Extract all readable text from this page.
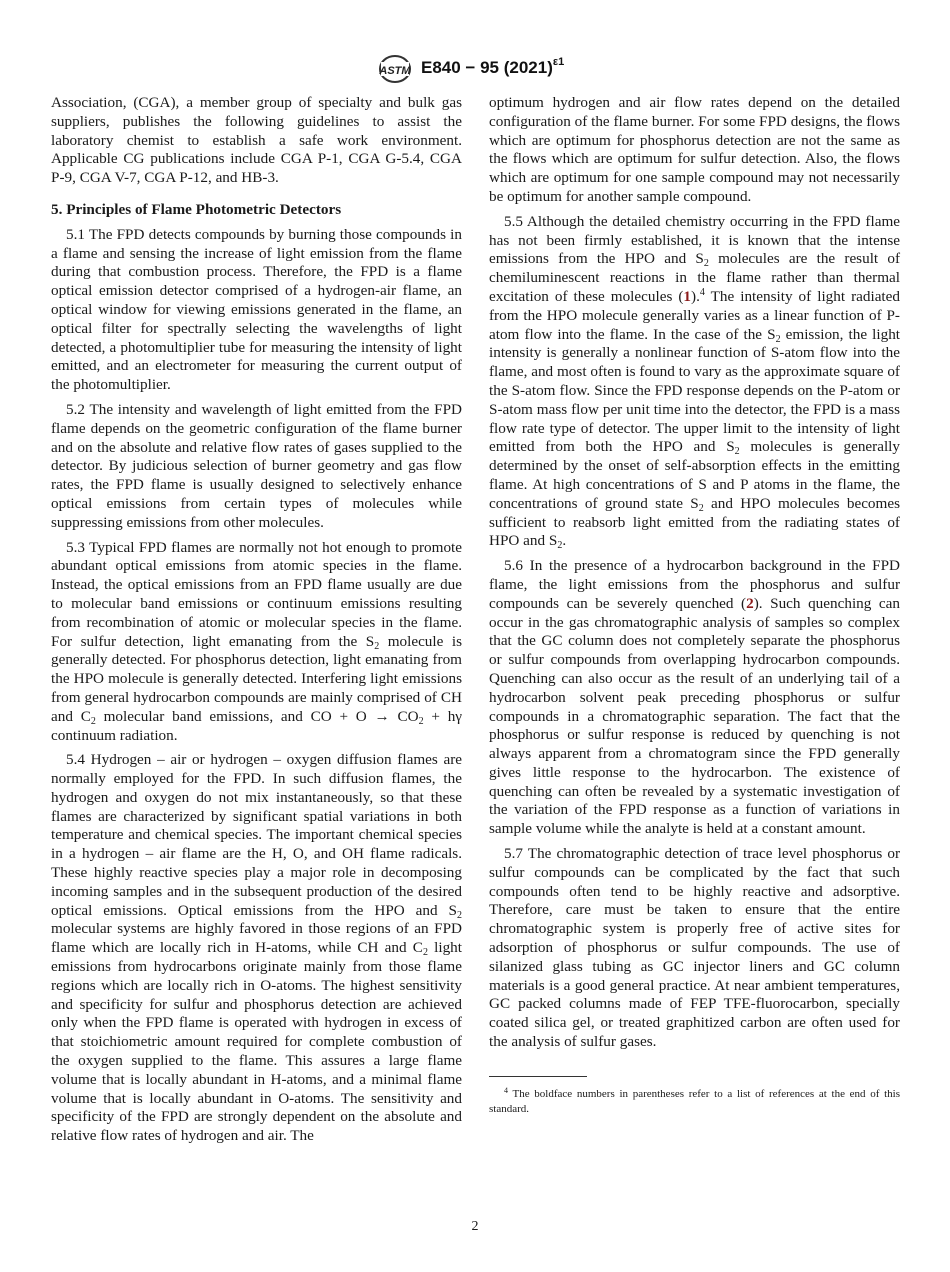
ASTM E840 − 95 $(2021)^{\varepsilon 1}$

Association, (CGA), a member group of specialty and bulk gas suppliers, publishes the following guidelines to assist the laboratory chemist to establish a safe work environment. Applicable CG publications include CGA P-1, CGA G-5.4, CGA P-9, CGA V-7, CGA P-12, and HB-3.

5. Principles of Flame Photometric Detectors

5.1 The FPD detects compounds by burning those compounds in a flame and sensing the increase of light emission from the flame during that combustion process. Therefore, the FPD is a flame optical emission detector comprised of a hydrogen-air flame, an optical window for viewing emissions generated in the flame, an optical filter for spectrally selecting the wavelengths of light detected, a photomultiplier tube for measuring the intensity of light emitted, and an electrometer for measuring the current output of the photomultiplier.

5.2 The intensity and wavelength of light emitted from the FPD flame depends on the geometric configuration of the flame burner and on the absolute and relative flow rates of gases supplied to the detector. By judicious selection of burner geometry and gas flow rates, the FPD flame is usually designed to selectively enhance optical emissions from certain types of molecules while suppressing emissions from other molecules.

5.3 Typical FPD flames are normally not hot enough to promote abundant optical emissions from atomic species in the flame. Instead, the optical emissions from an FPD flame usually are due to molecular band emissions or continuum emissions resulting from recombination of atomic or molecular species in the flame. For sulfur detection, light emanating from the $S_2$ molecule is generally detected. For phosphorus detection, light emanating from the HPO molecule is generally detected. Interfering light emissions from general hydrocarbon compounds are mainly comprised of CH and $C_2$ molecular band emissions, and CO + $O \to CO_2 + h\gamma$ continuum radiation.

5.4 Hydrogen – air or hydrogen – oxygen diffusion flames are normally employed for the FPD. In such diffusion flames, the hydrogen and oxygen do not mix instantaneously, so that these flames are characterized by significant spatial variations in both temperature and chemical species. The important chemical species in a hydrogen – air flame are the H, O, and OH flame radicals. These highly reactive species play a major role in decomposing incoming samples and in the subsequent production of the desired optical emissions. Optical emissions from the HPO and $S_2$ molecular systems are highly favored in those regions of an FPD flame which are locally rich in H-atoms, while CH and $C_2$ light emissions from hydrocarbons originate mainly from those flame regions which are locally rich in O-atoms. The highest sensitivity and specificity for sulfur and phosphorus detection are achieved only when the FPD flame is operated with hydrogen in excess of that stoichiometric amount required for complete combustion of the oxygen supplied to the flame. This assures a large flame volume that is locally abundant in H-atoms, and a minimal flame volume that is locally abundant in O-atoms. The sensitivity and specificity of the FPD are strongly dependent on the absolute and relative flow rates of hydrogen and air. The

optimum hydrogen and air flow rates depend on the detailed configuration of the flame burner. For some FPD designs, the flows which are optimum for phosphorus detection are not the same as the flows which are optimum for sulfur detection. Also, the flows which are optimum for one sample compound may not necessarily be optimum for another sample compound.

5.5 Although the detailed chemistry occurring in the FPD flame has not been firmly established, it is known that the intense emissions from the HPO and $S_2$ molecules are the result of chemiluminescent reactions in the flame rather than thermal excitation of these molecules (1).$^4$ The intensity of light radiated from the HPO molecule generally varies as a linear function of P-atom flow into the flame. In the case of the $S_2$ emission, the light intensity is generally a nonlinear function of S-atom flow into the flame, and most often is found to vary as the approximate square of the S-atom flow. Since the FPD response depends on the P-atom or S-atom mass flow per unit time into the detector, the FPD is a mass flow rate type of detector. The upper limit to the intensity of light emitted from both the HPO and $S_2$ molecules is generally determined by the onset of self-absorption effects in the emitting flame. At high concentrations of S and P atoms in the flame, the concentrations of ground state $S_2$ and HPO molecules becomes sufficient to reabsorb light emitted from the radiating states of HPO and $S_2$.

5.6 In the presence of a hydrocarbon background in the FPD flame, the light emissions from the phosphorus and sulfur compounds can be severely quenched (2). Such quenching can occur in the gas chromatographic analysis of samples so complex that the GC column does not completely separate the phosphorus or sulfur compounds from overlapping hydrocarbon compounds. Quenching can also occur as the result of an underlying tail of a hydrocarbon solvent peak preceding phosphorus or sulfur compounds in a chromatographic separation. The fact that the phosphorus or sulfur response is reduced by quenching is not always apparent from a chromatogram since the FPD generally gives little response to the hydrocarbon. The existence of quenching can often be revealed by a systematic investigation of the variation of the FPD response as a function of variations in sample volume while the analyte is held at a constant amount.

5.7 The chromatographic detection of trace level phosphorus or sulfur compounds can be complicated by the fact that such compounds often tend to be highly reactive and adsorptive. Therefore, care must be taken to ensure that the entire chromatographic system is properly free of active sites for adsorption of phosphorus or sulfur compounds. The use of silanized glass tubing as GC injector liners and GC column materials is a good general practice. At near ambient temperatures, GC packed columns made of FEP TFE-fluorocarbon, specially coated silica gel, or treated graphitized carbon are often used for the analysis of sulfur gases.

$^4$ The boldface numbers in parentheses refer to a list of references at the end of this standard.

2
